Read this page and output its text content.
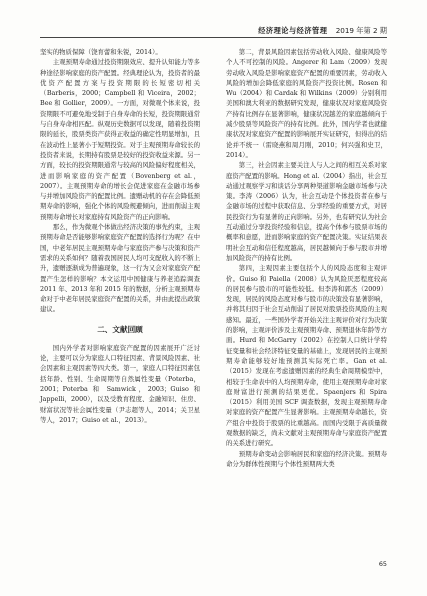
经济理论与经济管理 2019 年第 2 期

坚实的物质保障（饶育蕾和朱锐，2014）。

主观预期寿命通过投资期限效应、提升认知能力等多种途径影响家庭的资产配置。经典理论认为，投资者的最优资产配置方案与投资期限的长短密切相关（Barberis，2000；Campbell 和 Viceira，2002；Bee 和 Gollier，2009）。一方面，对微观个体来说，投资期限不可避免地受制于自身寿命的长短，投资期限通常与自身寿命相匹配。纵观历史数据可以发现，随着投资期限的延长，股票类资产获得正收益的确定性明显增加，且在波动性上显著小于短期投资。对于主观预期寿命较长的投资者来说，长期持有股票是较好的投资收益来源。另一方面，较长的投资期限通常与较高的风险偏好程度相关，进而影响家庭的资产配置（Bovenberg et al.，2007）。主观预期寿命的增长会促进家庭在金融市场参与并增加风险资产的配置比例。遗赠动机的存在会降低预期寿命的影响，强化个体的风险规避倾向，进而削弱主观预期寿命增长对家庭持有风险资产的正向影响。

那么，作为微观个体做出经济决策的事先约束，主观预期寿命是否能够影响家庭资产配置的选择行为呢？在中国，中老年居民主观预期寿命与家庭资产参与决策和资产需求的关系如何？随着我国居民人均可支配收入的不断上升，遗赠逐渐成为普遍现象，这一行为又会对家庭资产配置产生怎样的影响？本文运用中国健康与养老追踪调查 2011 年、2013 年和 2015 年的数据，分析主观预期寿命对于中老年居民家庭资产配置的关系，并由此提出政策建议。

二、文献回顾

国内外学者对影响家庭资产配置的因素展开广泛讨论，主要可以分为家庭人口特征因素、背景风险因素、社会因素和主观因素等四大类。第一，家庭人口特征因素包括年龄、性别、生命周期等自然属性变量（Poterba，2001；Poterba 和 Samwick，2003；Guiso 和 Jappelli，2000），以及受教育程度、金融知识、住房、财富状况等社会属性变量（尹志超等人，2014；关卫星等人，2017；Guiso et al.，2013）。

第二，背景风险因素包括劳动收入风险、健康风险等个人不可控制的风险。Angerer 和 Lam（2009）发现劳动收入风险是影响家庭资产配置的重要因素，劳动收入风险的增加会降低家庭的风险资产投资比例。Rosen 和 Wu（2004）和 Cardak 和 Wilkins（2009）分别利用美国和澳大利亚的数据研究发现，健康状况对家庭风险资产持有比例存在显著影响，健康状况越差的家庭越倾向于减少股票等风险资产的持有比例。此外，国内学者也就健康状况对家庭资产配置的影响展开实证研究，但得出的结论并不统一（雷晓燕和周月刚，2010；何兴强和史卫，2014）。

第三，社会因素主要关注人与人之间的相互关系对家庭资产配置的影响。Hong et al.（2004）指出，社会互动通过观察学习和谈话分享两种渠道影响金融市场参与决策。李涛（2006）认为，社会互动是个体投资者在参与金融市场的过程中获取信息、分享经验的重要方式，对居民投资行为有显著的正向影响。另外，也有研究认为社会互动通过分享投资经验和信息，提高个体参与股票市场的概率和意愿，进而影响家庭的资产配置决策。实证结果表明社会互动和信任程度越高，居民越倾向于参与股市并增加风险资产的持有比例。

第四，主观因素主要包括个人的风险态度和主观评价。Guiso 和 Paiella（2008）认为风险厌恶程度较高的居民参与股市的可能性较低。但李涛和郭杰（2009）发现，居民的风险态度对参与股市的决策没有显著影响，并将其归因于社会互动削弱了居民对股票投资风险的主观感知。最近，一些国外学者开始关注主观评价对行为决策的影响，主观评价涉及主观预期寿命、预期退休年龄等方面。Hurd 和 McGarry（2002）在控制人口统计学特征变量和社会经济特征变量的基础上，发现居民的主观预期寿命能够较好地预测其实际死亡率。Gan et al.（2015）发现在考虑遗赠因素的经典生命周期模型中，相较于生命表中的人均预期寿命，使用主观预期寿命对家庭财富进行预测的结果更优。Spaenjers 和 Spira（2015）利用美国 SCF 调查数据，发现主观预期寿命对家庭的资产配置产生显著影响。主观预期寿命越长，资产组合中投资于股票的比重越高。而国内受限于高质量微观数据的缺乏，尚未文献对主观预期寿命与家庭资产配置的关系进行研究。

预期寿命变动会影响居民和家庭的经济决策。预期寿命分为群体性预期与个体性预期两大类

65
